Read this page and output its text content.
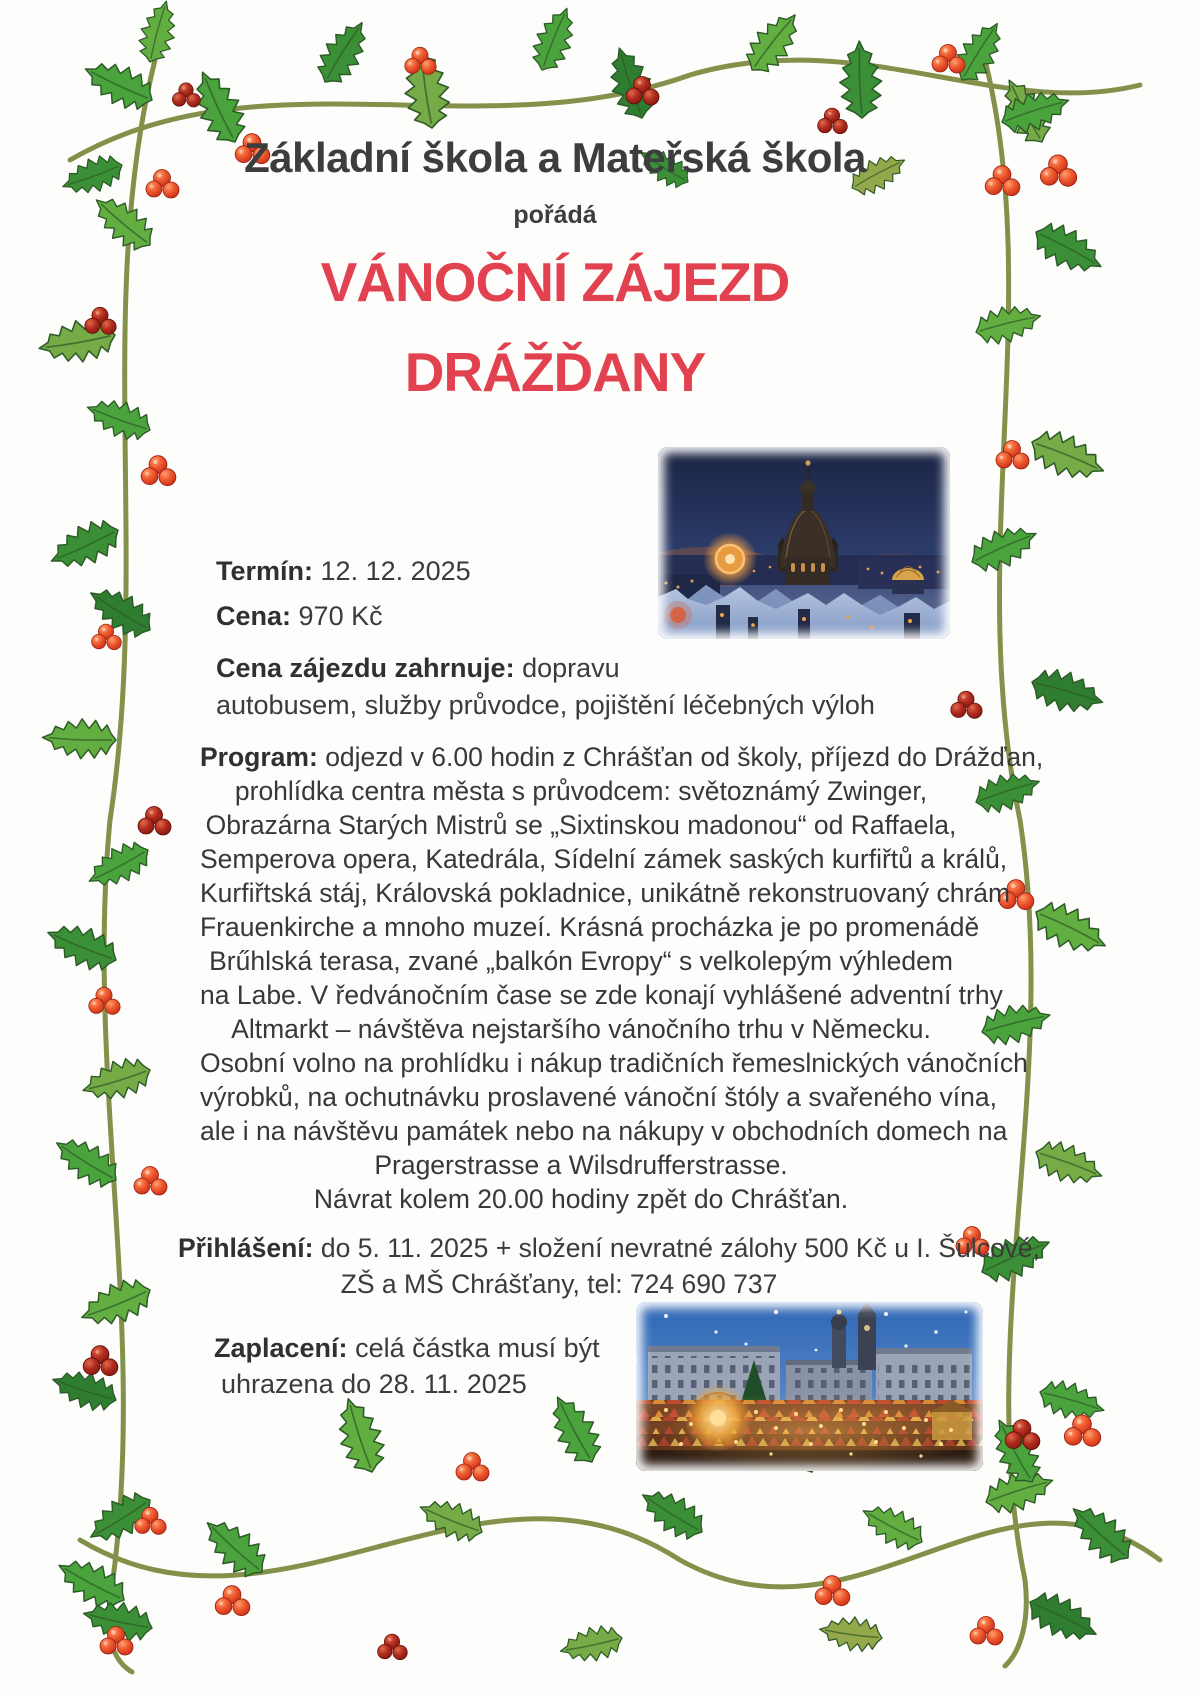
Základní škola a Mateřská škola
pořádá
VÁNOČNÍ ZÁJEZD
DRÁŽĎANY
Termín: 12. 12. 2025
Cena: 970 Kč
Cena zájezdu zahrnuje: dopravu
autobusem, služby průvodce, pojištění léčebných výloh
Program: odjezd v 6.00 hodin z Chrášťan od školy, příjezd do Drážďan,
prohlídka centra města s průvodcem: světoznámý Zwinger,
Obrazárna Starých Mistrů se „Sixtinskou madonou“ od Raffaela,
Semperova opera, Katedrála, Sídelní zámek saských kurfiřtů a králů,
Kurfiřtská stáj, Královská pokladnice, unikátně rekonstruovaný chrám
Frauenkirche a mnoho muzeí. Krásná procházka je po promenádě
Brűhlská terasa, zvané „balkón Evropy“ s velkolepým výhledem
na Labe. V ředvánočním čase se zde konají vyhlášené adventní trhy
Altmarkt – návštěva nejstaršího vánočního trhu v Německu.
Osobní volno na prohlídku i nákup tradičních řemeslnických vánočních
výrobků, na ochutnávku proslavené vánoční štóly a svařeného vína,
ale i na návštěvu památek nebo na nákupy v obchodních domech na
Pragerstrasse a Wilsdrufferstrasse.
Návrat kolem 20.00 hodiny zpět do Chrášťan.
Přihlášení: do 5. 11. 2025 + složení nevratné zálohy 500 Kč u I. Šulcové,
ZŠ a MŠ Chrášťany, tel: 724 690 737
Zaplacení: celá částka musí být
uhrazena do 28. 11. 2025
